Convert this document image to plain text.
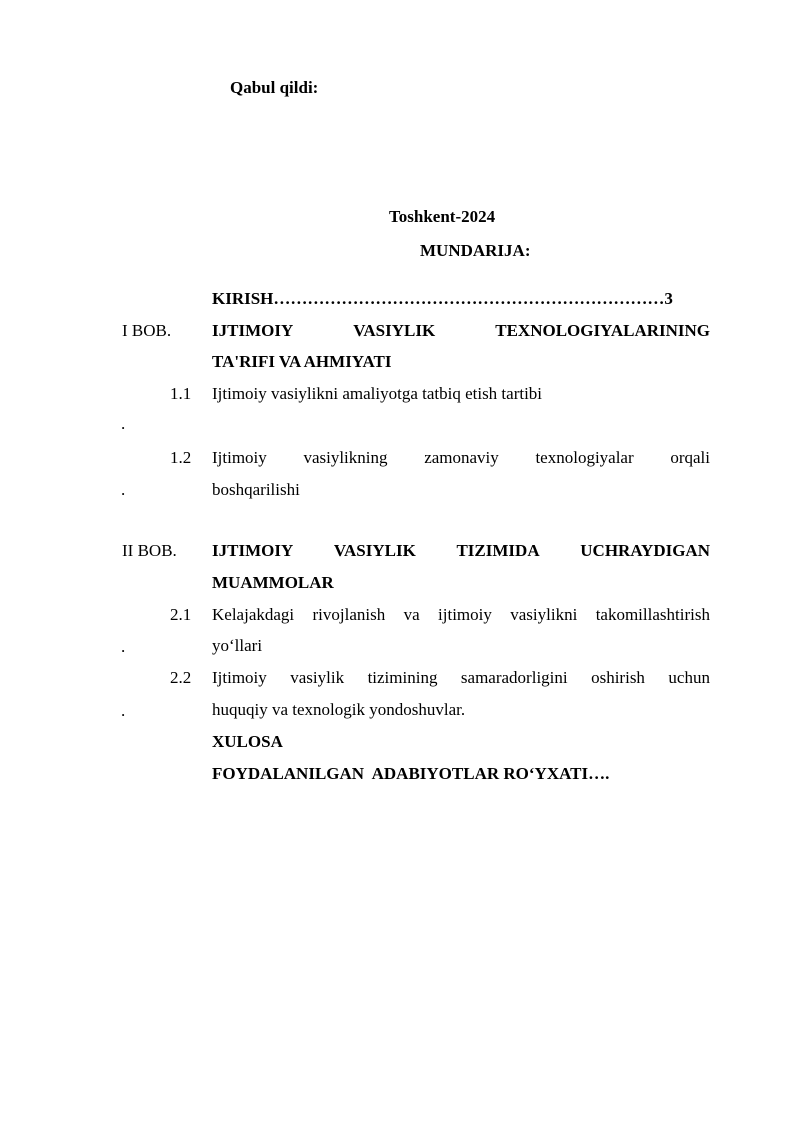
Qabul qildi:
Toshkent-2024
MUNDARIJA:
KIRISH……………………………………………………………3
I BOB. IJTIMOIY	VASIYLIK	TEXNOLOGIYALARINING
TA'RIFI VA AHMIYATI
1.1 Ijtimoiy vasiylikni amaliyotga tatbiq etish tartibi
.
1.2 Ijtimoiy vasiylikning zamonaviy texnologiyalar orqali
boshqarilishi
.
II BOB. IJTIMOIY VASIYLIK TIZIMIDA UCHRAYDIGAN
MUAMMOLAR
2.1 Kelajakdagi rivojlanish va ijtimoiy vasiylikni takomillashtirish
yo‘llari
.
2.2 Ijtimoiy vasiylik tizimining samaradorligini oshirish uchun
huquqiy va texnologik yondoshuvlar.
.
XULOSA
FOYDALANILGAN  ADABIYOTLAR RO‘YXATI….
